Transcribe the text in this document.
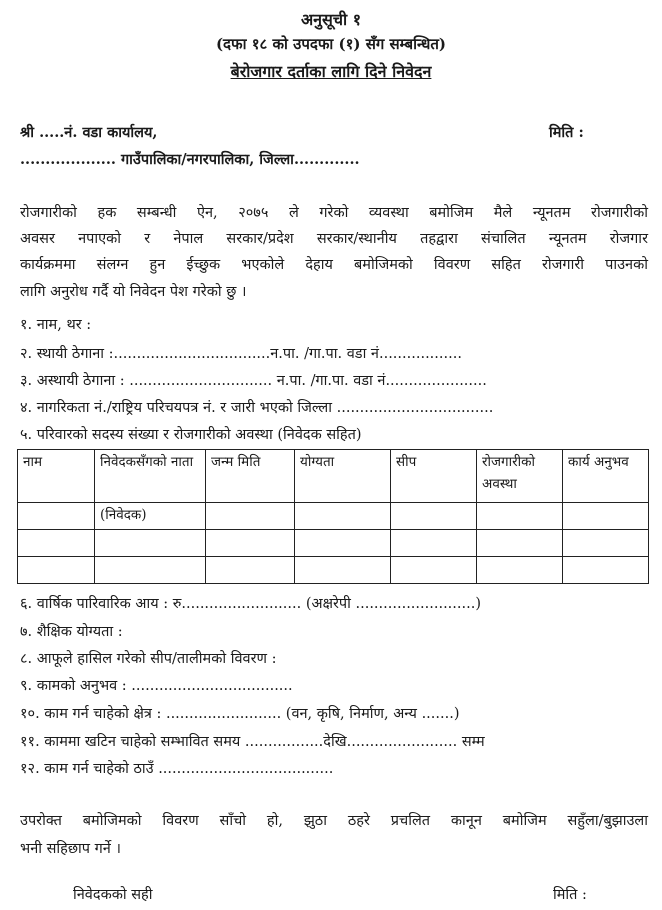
अनुसूची १
(दफा १८ को उपदफा (१) सँग सम्बन्धित)
बेरोजगार दर्ताका लागि दिने निवेदन
श्री .....नं. वडा कार्यालय,	मिति :
................... गाउँपालिका/नगरपालिका, जिल्ला.............
रोजगारीको हक सम्बन्धी ऐन, २०७५ ले गरेको व्यवस्था बमोजिम मैले न्यूनतम रोजगारीको
अवसर नपाएको र नेपाल सरकार/प्रदेश सरकार/स्थानीय तहद्वारा संचालित न्यूनतम रोजगार
कार्यक्रममा संलग्न हुन ईच्छुक भएकोले देहाय बमोजिमको विवरण सहित रोजगारी पाउनको
लागि अनुरोध गर्दै यो निवेदन पेश गरेको छु ।
१. नाम, थर :
२. स्थायी ठेगाना :..................................न.पा. /गा.पा. वडा नं..................
३. अस्थायी ठेगाना : ............................... न.पा. /गा.पा. वडा नं......................
४. नागरिकता नं./राष्ट्रिय परिचयपत्र नं. र जारी भएको जिल्ला ..................................
५. परिवारको सदस्य संख्या र रोजगारीको अवस्था (निवेदक सहित)
नाम	निवेदकसँगको नाता	जन्म मिति	योग्यता	सीप	रोजगारीको अवस्था	कार्य अनुभव
	(निवेदक)					

६. वार्षिक पारिवारिक आय : रु.......................... (अक्षरेपी ..........................)
७. शैक्षिक योग्यता :
८. आफूले हासिल गरेको सीप/तालीमको विवरण :
९. कामको अनुभव : ...................................
१०. काम गर्न चाहेको क्षेत्र : ......................... (वन, कृषि, निर्माण, अन्य .......)
११. काममा खटिन चाहेको सम्भावित समय .................देखि........................ सम्म
१२. काम गर्न चाहेको ठाउँ ......................................
उपरोक्त बमोजिमको विवरण साँचो हो, झुठा ठहरे प्रचलित कानून बमोजिम सहुँला/बुझाउला
भनी सहिछाप गर्ने ।
निवेदकको सही	मिति :
